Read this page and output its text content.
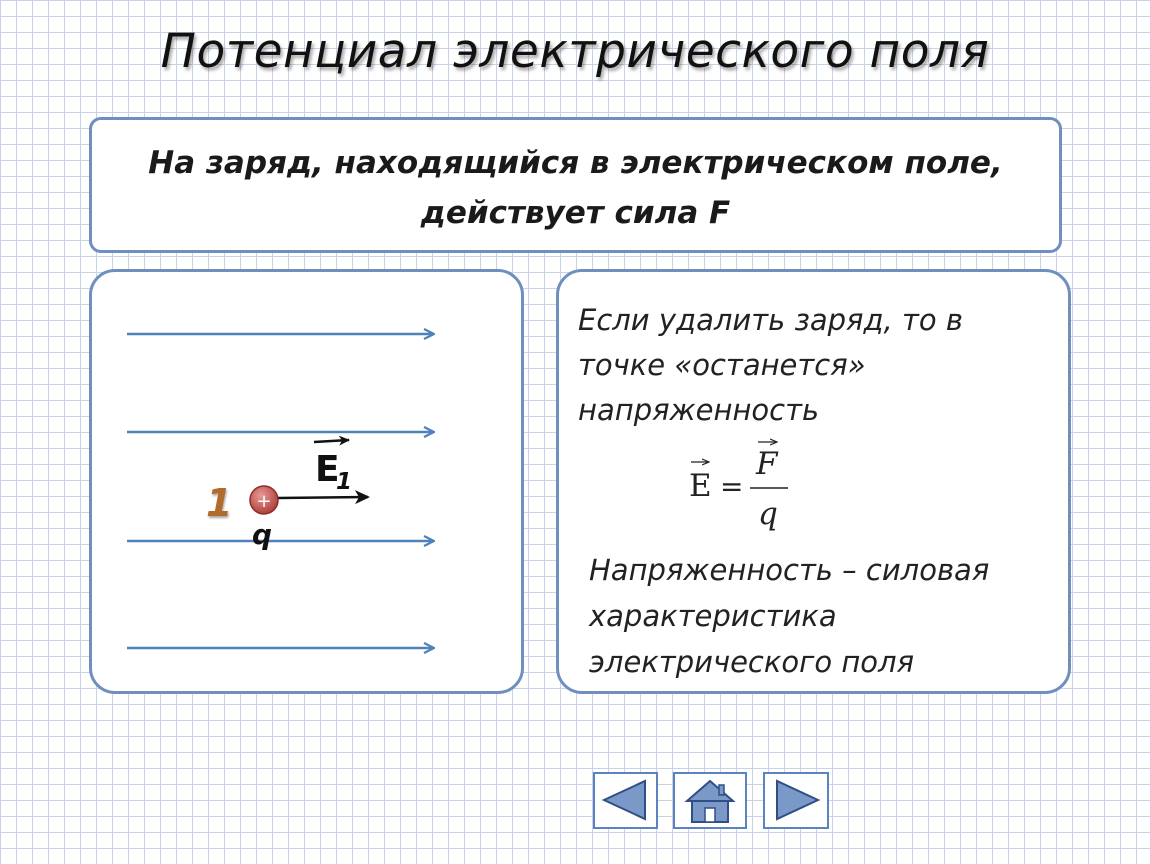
Потенциал электрического поля
На заряд, находящийся в электрическом поле,
действует сила F
1 +
q
E
1
Если удалить заряд, то в
точке «останется»
напряженность
E =
F
q
Напряженность – силовая
характеристика
электрического поля
